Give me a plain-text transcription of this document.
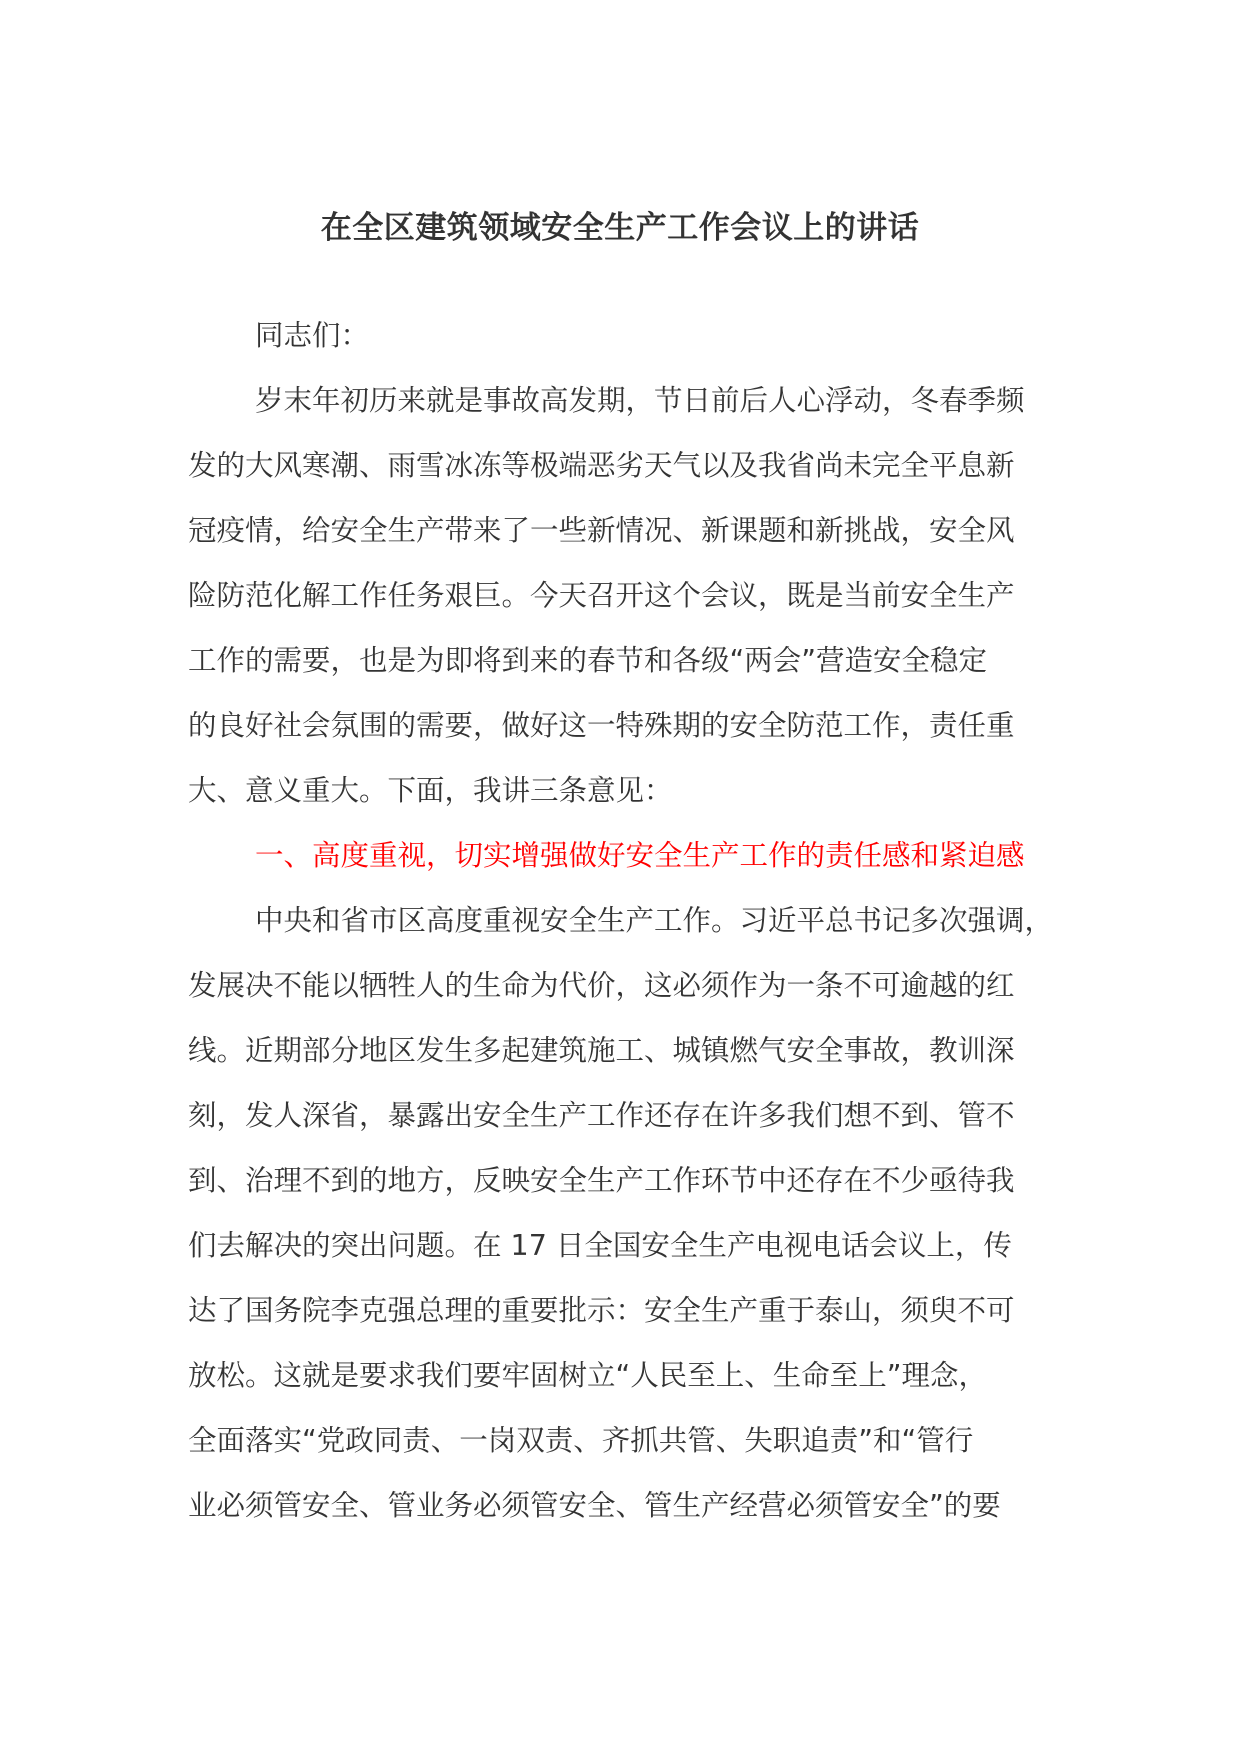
在全区建筑领域安全生产工作会议上的讲话
同志们：
岁末年初历来就是事故高发期，节日前后人心浮动，冬春季频
发的大风寒潮、雨雪冰冻等极端恶劣天气以及我省尚未完全平息新
冠疫情，给安全生产带来了一些新情况、新课题和新挑战，安全风
险防范化解工作任务艰巨。今天召开这个会议，既是当前安全生产
工作的需要，也是为即将到来的春节和各级“两会”营造安全稳定
的良好社会氛围的需要，做好这一特殊期的安全防范工作，责任重
大、意义重大。下面，我讲三条意见：
一、高度重视，切实增强做好安全生产工作的责任感和紧迫感
中央和省市区高度重视安全生产工作。习近平总书记多次强调，
发展决不能以牺牲人的生命为代价，这必须作为一条不可逾越的红
线。近期部分地区发生多起建筑施工、城镇燃气安全事故，教训深
刻，发人深省，暴露出安全生产工作还存在许多我们想不到、管不
到、治理不到的地方，反映安全生产工作环节中还存在不少亟待我
们去解决的突出问题。在 17 日全国安全生产电视电话会议上，传
达了国务院李克强总理的重要批示：安全生产重于泰山，须臾不可
放松。这就是要求我们要牢固树立“人民至上、生命至上”理念，
全面落实“党政同责、一岗双责、齐抓共管、失职追责”和“管行
业必须管安全、管业务必须管安全、管生产经营必须管安全”的要
